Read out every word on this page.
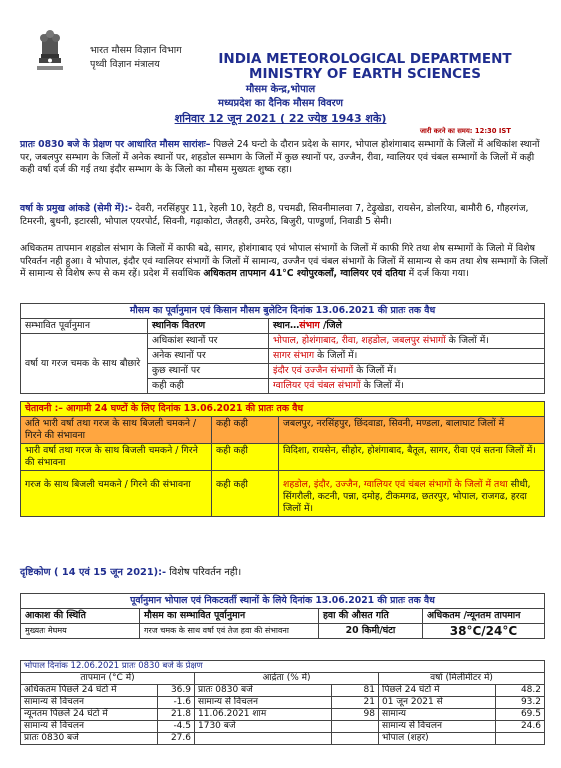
भारत मौसम विज्ञान विभाग
पृथ्वी विज्ञान मंत्रालय	INDIA METEOROLOGICAL DEPARTMENT
MINISTRY OF EARTH SCIENCES
मौसम केन्द्र,भोपाल
मध्यप्रदेश का दैनिक मौसम विवरण
शनिवार 12 जून 2021 ( 22 ज्येष्ठ 1943 शके)
जारी करने का समय: 12:30 IST
प्रातः 0830 बजे के प्रेक्षण पर आधारित मौसम सारांशः– पिछले 24 घन्टो के दौरान प्रदेश के सागर, भोपाल होशंगाबाद सम्भागों के जिलों में अधिकांश स्थानों पर, जबलपुर सम्भाग के जिलों में अनेक स्थानों पर, शहडोल सम्भाग के जिलों में कुछ स्थानों पर, उज्जैन, रीवा, ग्वालियर एवं चंबल सम्भागों के जिलों में कही कही वर्षा दर्ज की गई तथा इंदौर सम्भाग के के जिलो का मौसम मुख्यतः शुष्क रहा।
वर्षा के प्रमुख आंकडे (सेमी में):- देवरी, नरसिंहपुर 11, रेहली 10, रेहटी 8, पचमढी, सिवनीमालवा 7, टेढ़ुखेडा, रायसेन, डोलरिया, बामौरी 6, गौहरगंज, टिमरनी, बुधनी, इटारसी, भोपाल एयरपोर्ट, सिवनी, गढ़ाकोटा, जैतहरी, उमरेठ, बिजुरी, पाण्डुर्णा, निवाडी 5 सेमी।
अधिकतम तापमान शहडोल संभाग के जिलों में काफी बढे, सागर, होशंगाबाद एवं भोपाल संभागों के जिलों में काफी गिरे तथा शेष सम्भागों के जिलो में विशेष परिवर्तन नही हुआ। वे भोपाल, इंदौर एवं ग्वालियर संभागों के जिलों में सामान्य, उज्जैन एवं चंबल संभागों के जिलों में सामान्य से कम तथा शेष सम्भागों के जिलों में सामान्य से विशेष रूप से कम रहें। प्रदेश में सर्वाधिक अधिकतम तापमान 41°C श्योपुरकलाँ, ग्वालियर एवं दतिया में दर्ज किया गया।
मौसम का पूर्वानुमान एवं किसान मौसम बुलेटिन दिनांक 13.06.2021 की प्रातः तक वैध		
सम्भावित पूर्वानुमान	स्थानिक वितरण	स्थान…संभाग /जिले
वर्षा या गरज चमक के साथ बौछारे	अधिकांश स्थानों पर	भोपाल, होशंगाबाद, रीवा, शहडोल, जबलपुर संभागों के जिलों में।
	अनेक स्थानों पर	सागर संभाग के जिलों में।
	कुछ स्थानों पर	इंदौर एवं उज्जैन संभागों के जिलों में।
	कही कही	ग्वालियर एवं चंबल संभागों के जिलों में।
चेतावनी :– आगामी 24 घण्टों के लिए दिनांक 13.06.2021 की प्रातः तक वैध		
अति भारी वर्षा तथा गरज के साथ बिजली चमकने / गिरने की संभावना	कही कही	जबलपुर, नरसिंहपुर, छिंदवाडा, सिवनी, मण्डला, बालाघाट जिलों में
भारी वर्षा तथा गरज के साथ बिजली चमकने / गिरने की संभावना	कही कही	विदिशा, रायसेन, सीहोर, होशंगाबाद, बैतूल, सागर, रीवा एवं सतना जिलों में।
गरज के साथ बिजली चमकने / गिरने की संभावना	कही कही	शहडोल, इंदौर, उज्जैन, ग्वालियर एवं चंबल संभागों के जिलों में तथा सीधी, सिंगरौली, कटनी, पन्ना, दमोह, टीकमगढ, छतरपुर, भोपाल, राजगढ, हरदा जिलों में।
दृष्टिकोण ( 14 एवं 15 जून 2021):- विशेष परिवर्तन नही।
पूर्वानुमान भोपाल एवं निकटवर्ती स्थानों के लिये दिनांक 13.06.2021 की प्रातः तक वैध			
आकाश की स्थिति	मौसम का सम्भावित पूर्वानुमान	हवा की औसत गति	अधिकतम /न्यूनतम तापमान
मुख्यतः मेघमय	गरज चमक के साथ वर्षा एवं तेज हवा की संभावना	20 किमी/घंटा	38°C/24°C
भोपाल दिनांक 12.06.2021 प्रातः 0830 बजे के प्रेक्षण					
तापमान (°C में)		आर्द्रता (% में)		वर्षा (मिलीमीटर में)	
अधिकतम पिछले 24 घंटो में	36.9	प्रातः 0830 बजे	81	पिछले 24 घंटो में	48.2
सामान्य से विचलन	-1.6	सामान्य से विचलन	21	01 जून 2021 से	93.2
न्यूनतम पिछले 24 घंटो में	21.8	11.06.2021 शाम	98	सामान्य	69.5
सामान्य से विचलन	-4.5	1730 बजे		सामान्य से विचलन	24.6
प्रातः 0830 बजे	27.6			भोपाल (शहर)	
